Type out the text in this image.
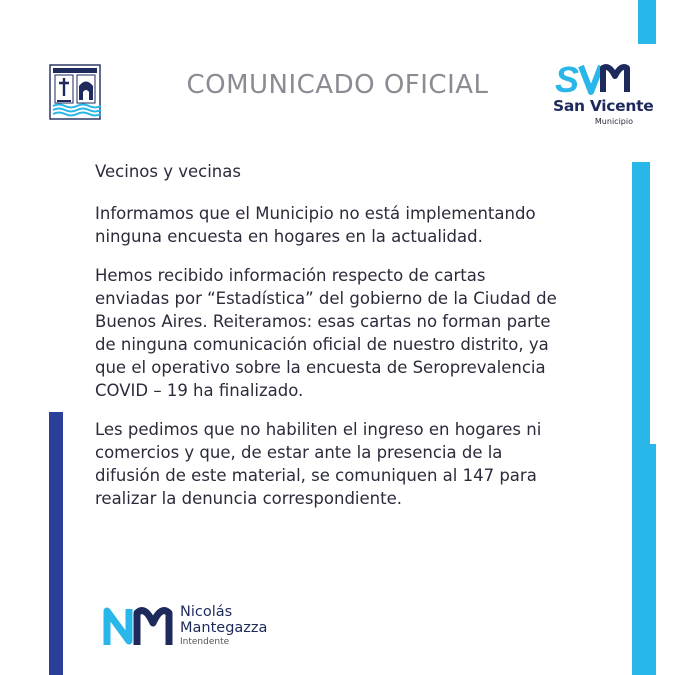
COMUNICADO OFICIAL	S
San Vicente
Municipio

Vecinos y vecinas

Informamos que el Municipio no está implementando
ninguna encuesta en hogares en la actualidad.

Hemos recibido información respecto de cartas
enviadas por “Estadística” del gobierno de la Ciudad de
Buenos Aires. Reiteramos: esas cartas no forman parte
de ninguna comunicación oficial de nuestro distrito, ya
que el operativo sobre la encuesta de Seroprevalencia
COVID – 19 ha finalizado.

Les pedimos que no habiliten el ingreso en hogares ni
comercios y que, de estar ante la presencia de la
difusión de este material, se comuniquen al 147 para
realizar la denuncia correspondiente.

Nicolás
Mantegazza
Intendente
